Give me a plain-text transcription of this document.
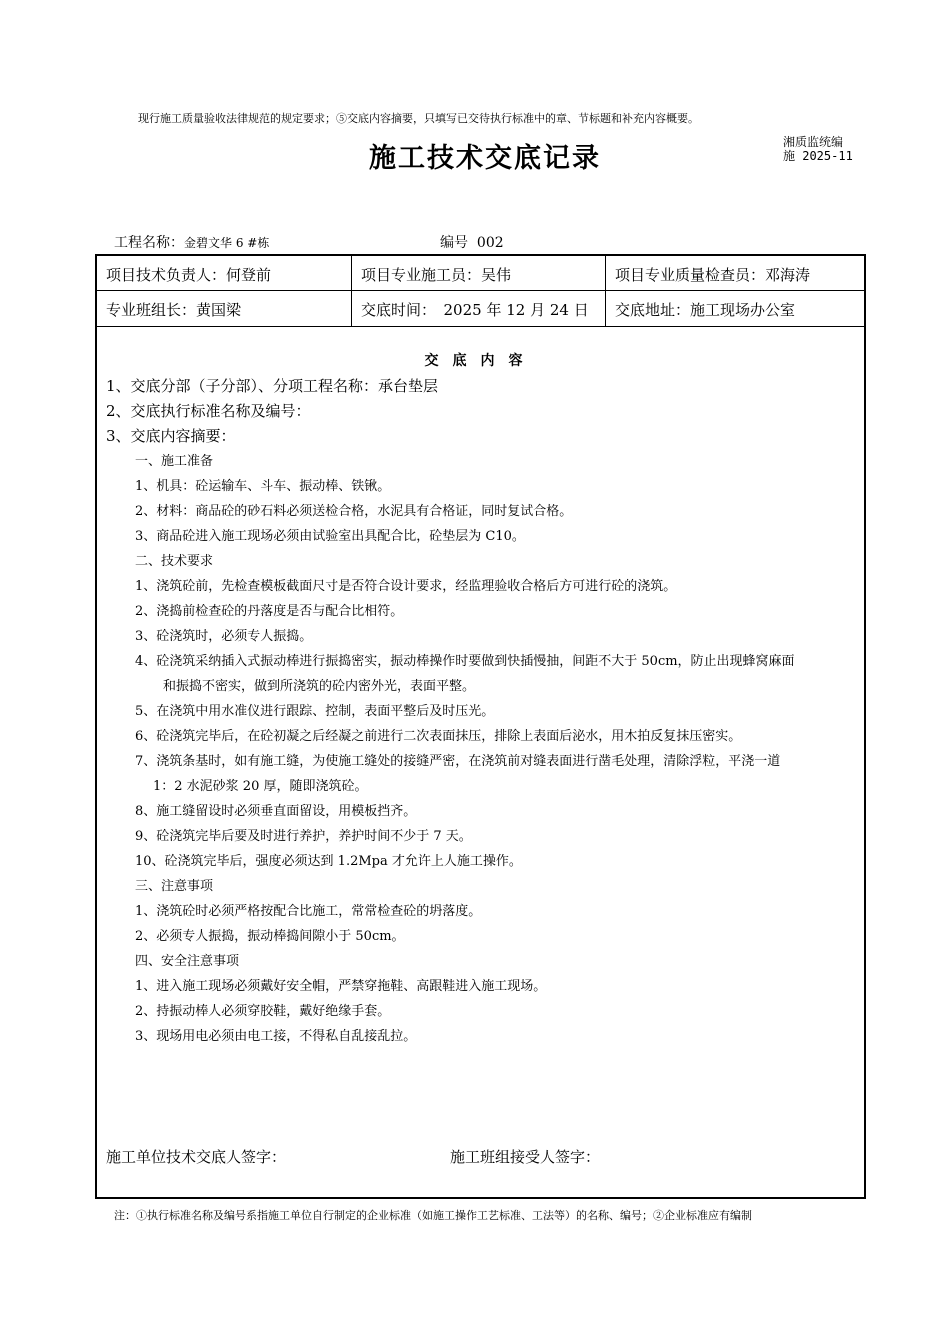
现行施工质量验收法律规范的规定要求；⑤交底内容摘要，只填写已交待执行标准中的章、节标题和补充内容概要。
施工技术交底记录
湘质监统编
施 2025-11
工程名称：金碧文华 6 #栋	编号 002
项目技术负责人：何登前	项目专业施工员：吴伟	项目专业质量检查员：邓海涛
专业班组长：黄国梁	交底时间：　2025 年 12 月 24 日 交底地址：施工现场办公室
交底内容
1、交底分部（子分部）、分项工程名称：承台垫层
2、交底执行标准名称及编号：
3、交底内容摘要：
一、施工准备
1、机具：砼运输车、斗车、振动棒、铁锹。
2、材料：商品砼的砂石料必须送检合格，水泥具有合格证，同时复试合格。
3、商品砼进入施工现场必须由试验室出具配合比，砼垫层为 C10。
二、技术要求
1、浇筑砼前，先检查模板截面尺寸是否符合设计要求，经监理验收合格后方可进行砼的浇筑。
2、浇捣前检查砼的丹落度是否与配合比相符。
3、砼浇筑时，必须专人振捣。
4、砼浇筑采纳插入式振动棒进行振捣密实，振动棒操作时要做到快插慢抽，间距不大于 50cm，防止出现蜂窝麻面
和振捣不密实，做到所浇筑的砼内密外光，表面平整。
5、在浇筑中用水准仪进行跟踪、控制，表面平整后及时压光。
6、砼浇筑完毕后，在砼初凝之后经凝之前进行二次表面抹压，排除上表面后泌水，用木拍反复抹压密实。
7、浇筑条基时，如有施工缝，为使施工缝处的接缝严密，在浇筑前对缝表面进行凿毛处理，清除浮粒，平浇一道
1：2 水泥砂浆 20 厚，随即浇筑砼。
8、施工缝留设时必须垂直面留设，用模板挡齐。
9、砼浇筑完毕后要及时进行养护，养护时间不少于 7 天。
10、砼浇筑完毕后，强度必须达到 1.2Mpa 才允许上人施工操作。
三、注意事项
1、浇筑砼时必须严格按配合比施工，常常检查砼的坍落度。
2、必须专人振捣，振动棒捣间隙小于 50cm。
四、安全注意事项
1、进入施工现场必须戴好安全帽，严禁穿拖鞋、高跟鞋进入施工现场。
2、持振动棒人必须穿胶鞋，戴好绝缘手套。
3、现场用电必须由电工接，不得私自乱接乱拉。
施工单位技术交底人签字：	施工班组接受人签字：
注：①执行标准名称及编号系指施工单位自行制定的企业标准（如施工操作工艺标准、工法等）的名称、编号；②企业标准应有编制
